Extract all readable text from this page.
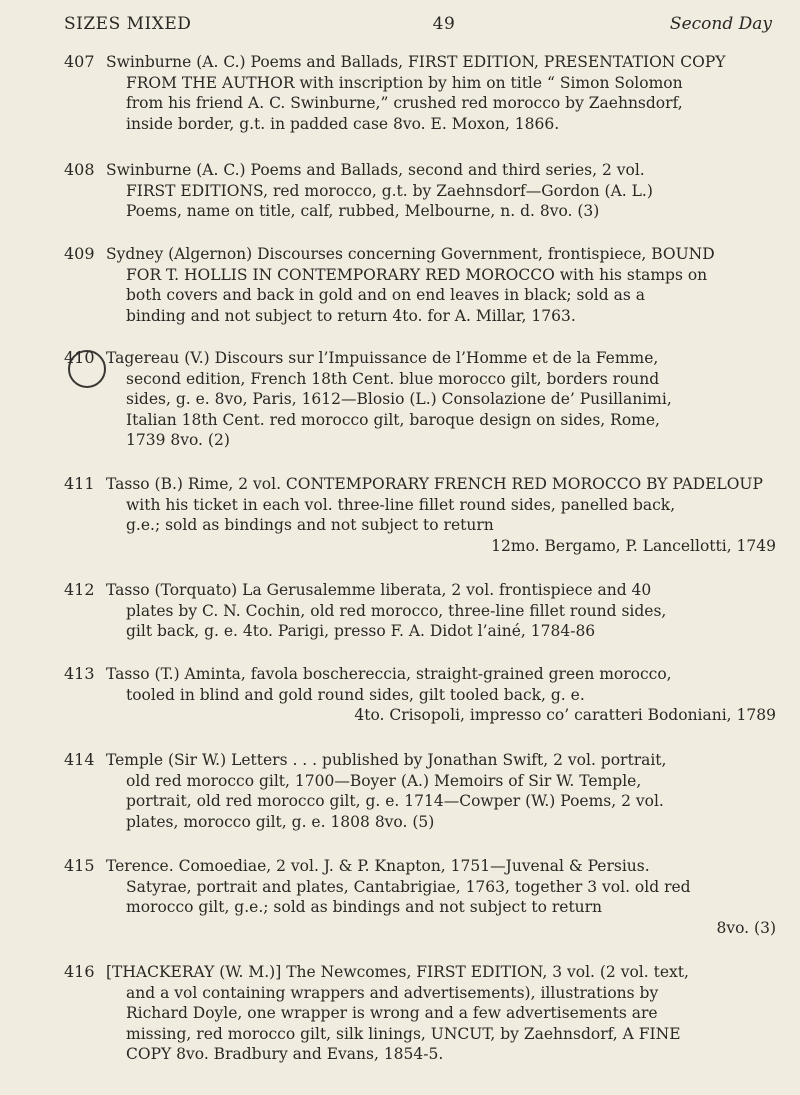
SIZES MIXED	49	Second Day
407 Swinburne (A. C.) Poems and Ballads, FIRST EDITION, PRESENTATION COPY
FROM THE AUTHOR with inscription by him on title “ Simon Solomon
from his friend A. C. Swinburne,” crushed red morocco by Zaehnsdorf,
inside border, g.t. in padded case 8vo. E. Moxon, 1866.
408 Swinburne (A. C.) Poems and Ballads, second and third series, 2 vol.
FIRST EDITIONS, red morocco, g.t. by Zaehnsdorf—Gordon (A. L.)
Poems, name on title, calf, rubbed, Melbourne, n. d. 8vo. (3)
409 Sydney (Algernon) Discourses concerning Government, frontispiece, BOUND
FOR T. HOLLIS IN CONTEMPORARY RED MOROCCO with his stamps on
both covers and back in gold and on end leaves in black; sold as a
binding and not subject to return 4to. for A. Millar, 1763.
410 Tagereau (V.) Discours sur l’Impuissance de l’Homme et de la Femme,
second edition, French 18th Cent. blue morocco gilt, borders round
sides, g. e. 8vo, Paris, 1612—Blosio (L.) Consolazione de’ Pusillanimi,
Italian 18th Cent. red morocco gilt, baroque design on sides, Rome,
1739 8vo. (2)
411 Tasso (B.) Rime, 2 vol. CONTEMPORARY FRENCH RED MOROCCO BY PADELOUP
with his ticket in each vol. three-line fillet round sides, panelled back,
g.e.; sold as bindings and not subject to return
12mo. Bergamo, P. Lancellotti, 1749
412 Tasso (Torquato) La Gerusalemme liberata, 2 vol. frontispiece and 40
plates by C. N. Cochin, old red morocco, three-line fillet round sides,
gilt back, g. e. 4to. Parigi, presso F. A. Didot l’ainé, 1784-86
413 Tasso (T.) Aminta, favola boschereccia, straight-grained green morocco,
tooled in blind and gold round sides, gilt tooled back, g. e.
4to. Crisopoli, impresso co’ caratteri Bodoniani, 1789
414 Temple (Sir W.) Letters . . . published by Jonathan Swift, 2 vol. portrait,
old red morocco gilt, 1700—Boyer (A.) Memoirs of Sir W. Temple,
portrait, old red morocco gilt, g. e. 1714—Cowper (W.) Poems, 2 vol.
plates, morocco gilt, g. e. 1808 8vo. (5)
415 Terence. Comoediae, 2 vol. J. & P. Knapton, 1751—Juvenal & Persius.
Satyrae, portrait and plates, Cantabrigiae, 1763, together 3 vol. old red
morocco gilt, g.e.; sold as bindings and not subject to return
8vo. (3)
416 [THACKERAY (W. M.)] The Newcomes, FIRST EDITION, 3 vol. (2 vol. text,
and a vol containing wrappers and advertisements), illustrations by
Richard Doyle, one wrapper is wrong and a few advertisements are
missing, red morocco gilt, silk linings, UNCUT, by Zaehnsdorf, A FINE
COPY 8vo. Bradbury and Evans, 1854-5.
